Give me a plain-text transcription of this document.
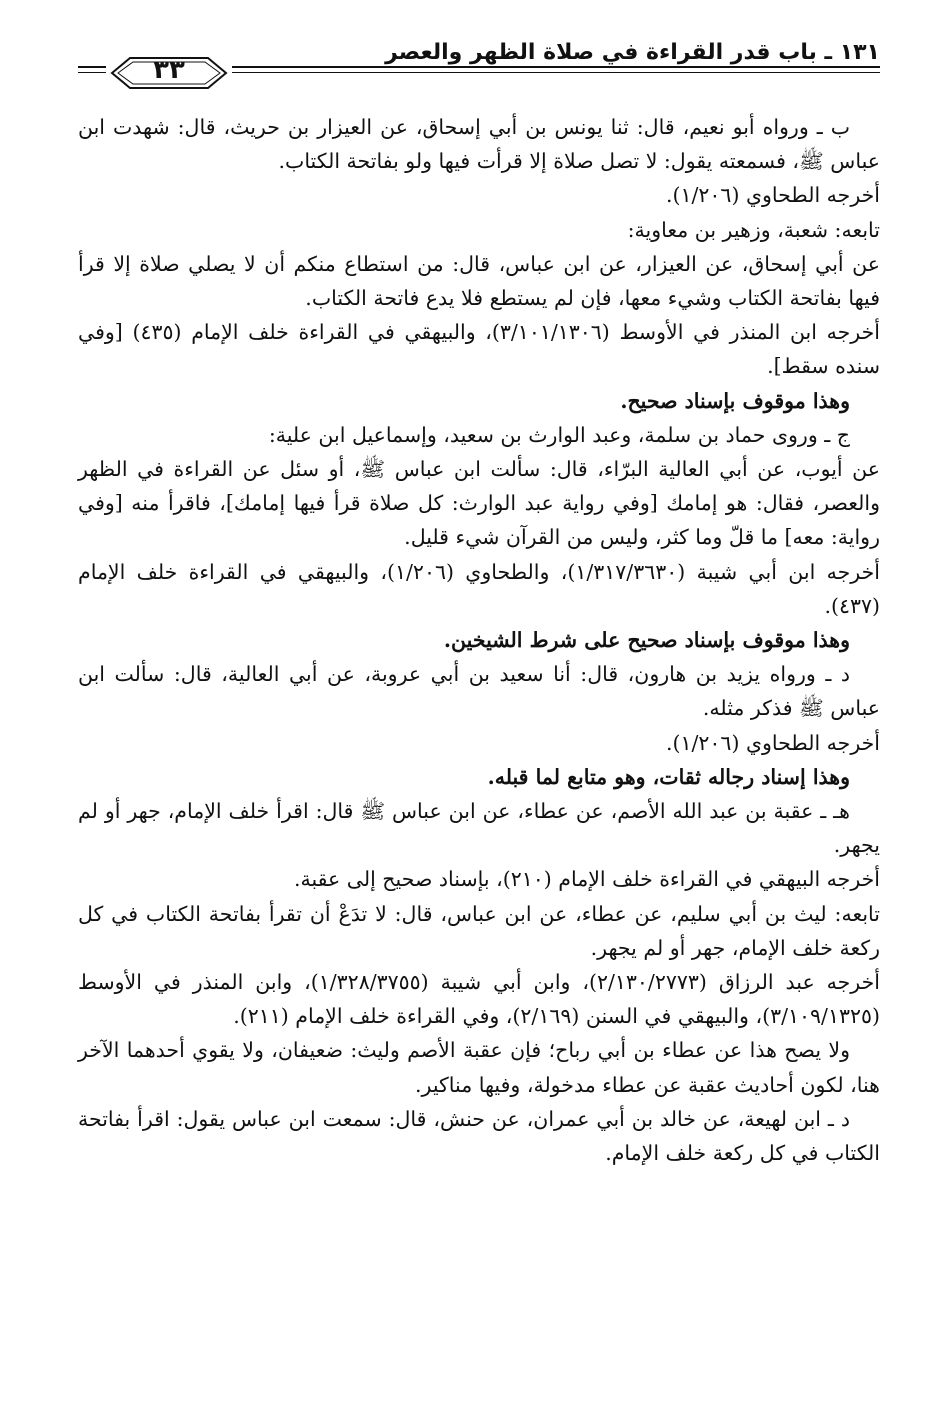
١٣١ ـ باب قدر القراءة في صلاة الظهر والعصر
٣٣

ب ـ ورواه أبو نعيم، قال: ثنا يونس بن أبي إسحاق، عن العيزار بن حريث، قال: شهدت ابن عباس ﷺ، فسمعته يقول: لا تصل صلاة إلا قرأت فيها ولو بفاتحة الكتاب.

أخرجه الطحاوي (١/٢٠٦).

تابعه: شعبة، وزهير بن معاوية:

عن أبي إسحاق، عن العيزار، عن ابن عباس، قال: من استطاع منكم أن لا يصلي صلاة إلا قرأ فيها بفاتحة الكتاب وشيء معها، فإن لم يستطع فلا يدع فاتحة الكتاب.

أخرجه ابن المنذر في الأوسط (٣/١٠١/١٣٠٦)، والبيهقي في القراءة خلف الإمام (٤٣٥) [وفي سنده سقط].

وهذا موقوف بإسناد صحيح.

ج ـ وروى حماد بن سلمة، وعبد الوارث بن سعيد، وإسماعيل ابن علية:

عن أيوب، عن أبي العالية البرّاء، قال: سألت ابن عباس ﷺ، أو سئل عن القراءة في الظهر والعصر، فقال: هو إمامك [وفي رواية عبد الوارث: كل صلاة قرأ فيها إمامك]، فاقرأ منه [وفي رواية: معه] ما قلّ وما كثر، وليس من القرآن شيء قليل.

أخرجه ابن أبي شيبة (١/٣١٧/٣٦٣٠)، والطحاوي (١/٢٠٦)، والبيهقي في القراءة خلف الإمام (٤٣٧).

وهذا موقوف بإسناد صحيح على شرط الشيخين.

د ـ ورواه يزيد بن هارون، قال: أنا سعيد بن أبي عروبة، عن أبي العالية، قال: سألت ابن عباس ﷺ فذكر مثله.

أخرجه الطحاوي (١/٢٠٦).

وهذا إسناد رجاله ثقات، وهو متابع لما قبله.

هـ ـ عقبة بن عبد الله الأصم، عن عطاء، عن ابن عباس ﷺ قال: اقرأ خلف الإمام، جهر أو لم يجهر.

أخرجه البيهقي في القراءة خلف الإمام (٢١٠)، بإسناد صحيح إلى عقبة.

تابعه: ليث بن أبي سليم، عن عطاء، عن ابن عباس، قال: لا تدَعْ أن تقرأ بفاتحة الكتاب في كل ركعة خلف الإمام، جهر أو لم يجهر.

أخرجه عبد الرزاق (٢/١٣٠/٢٧٧٣)، وابن أبي شيبة (١/٣٢٨/٣٧٥٥)، وابن المنذر في الأوسط (٣/١٠٩/١٣٢٥)، والبيهقي في السنن (٢/١٦٩)، وفي القراءة خلف الإمام (٢١١).

ولا يصح هذا عن عطاء بن أبي رباح؛ فإن عقبة الأصم وليث: ضعيفان، ولا يقوي أحدهما الآخر هنا، لكون أحاديث عقبة عن عطاء مدخولة، وفيها مناكير.

د ـ ابن لهيعة، عن خالد بن أبي عمران، عن حنش، قال: سمعت ابن عباس يقول: اقرأ بفاتحة الكتاب في كل ركعة خلف الإمام.
